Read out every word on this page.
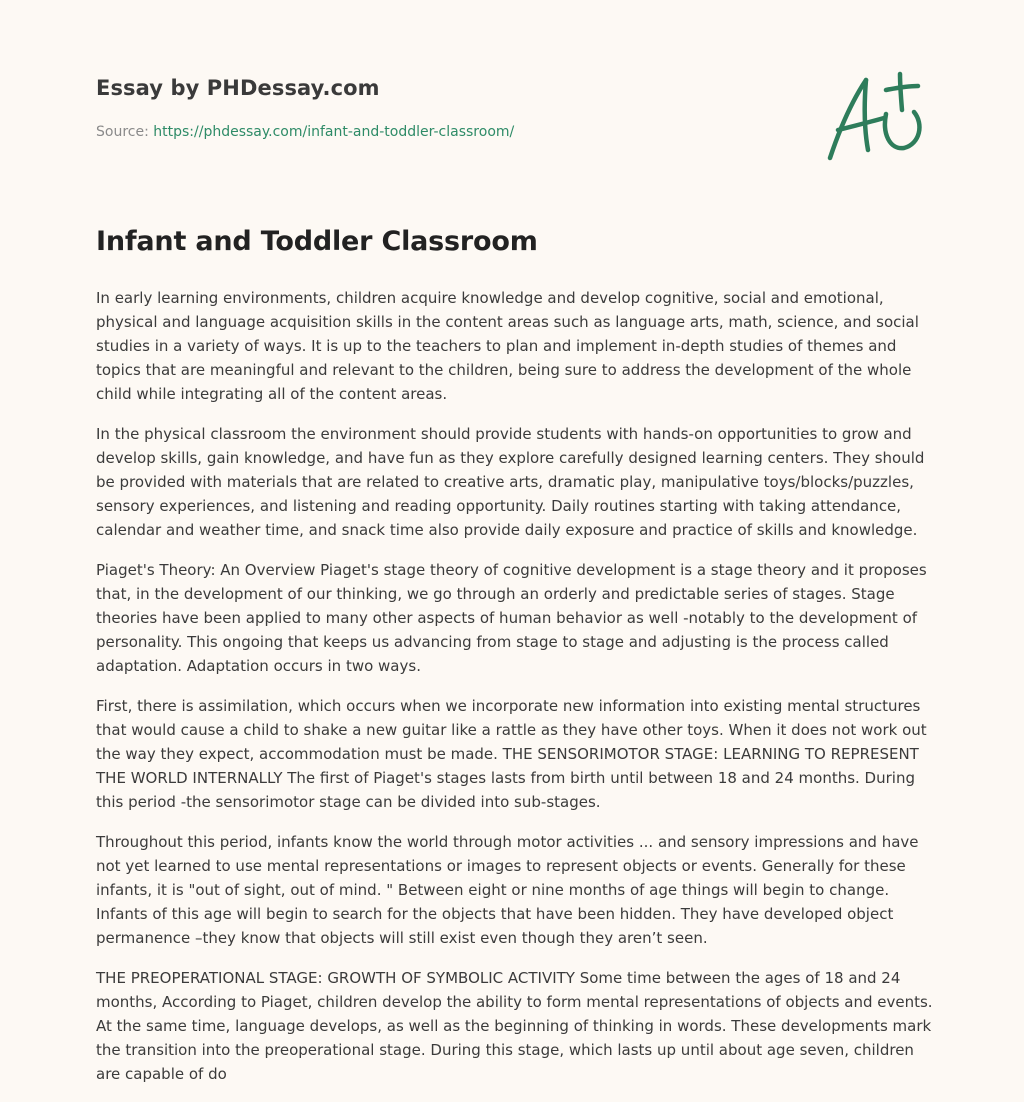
Essay by PHDessay.com
Source: https://phdessay.com/infant-and-toddler-classroom/
Infant and Toddler Classroom

In early learning environments, children acquire knowledge and develop cognitive, social and emotional, physical and language acquisition skills in the content areas such as language arts, math, science, and social studies in a variety of ways. It is up to the teachers to plan and implement in-depth studies of themes and topics that are meaningful and relevant to the children, being sure to address the development of the whole child while integrating all of the content areas.

In the physical classroom the environment should provide students with hands-on opportunities to grow and develop skills, gain knowledge, and have fun as they explore carefully designed learning centers. They should be provided with materials that are related to creative arts, dramatic play, manipulative toys/blocks/puzzles, sensory experiences, and listening and reading opportunity. Daily routines starting with taking attendance, calendar and weather time, and snack time also provide daily exposure and practice of skills and knowledge.

Piaget's Theory: An Overview Piaget's stage theory of cognitive development is a stage theory and it proposes that, in the development of our thinking, we go through an orderly and predictable series of stages. Stage theories have been applied to many other aspects of human behavior as well -notably to the development of personality. This ongoing that keeps us advancing from stage to stage and adjusting is the process called adaptation. Adaptation occurs in two ways.

First, there is assimilation, which occurs when we incorporate new information into existing mental structures that would cause a child to shake a new guitar like a rattle as they have other toys. When it does not work out the way they expect, accommodation must be made. THE SENSORIMOTOR STAGE: LEARNING TO REPRESENT THE WORLD INTERNALLY The first of Piaget's stages lasts from birth until between 18 and 24 months. During this period -the sensorimotor stage can be divided into sub-stages.

Throughout this period, infants know the world through motor activities ... and sensory impressions and have not yet learned to use mental representations or images to represent objects or events. Generally for these infants, it is "out of sight, out of mind. " Between eight or nine months of age things will begin to change. Infants of this age will begin to search for the objects that have been hidden. They have developed object permanence –they know that objects will still exist even though they aren’t seen.

THE PREOPERATIONAL STAGE: GROWTH OF SYMBOLIC ACTIVITY Some time between the ages of 18 and 24 months, According to Piaget, children develop the ability to form mental representations of objects and events. At the same time, language develops, as well as the beginning of thinking in words. These developments mark the transition into the preoperational stage. During this stage, which lasts up until about age seven, children are capable of do
